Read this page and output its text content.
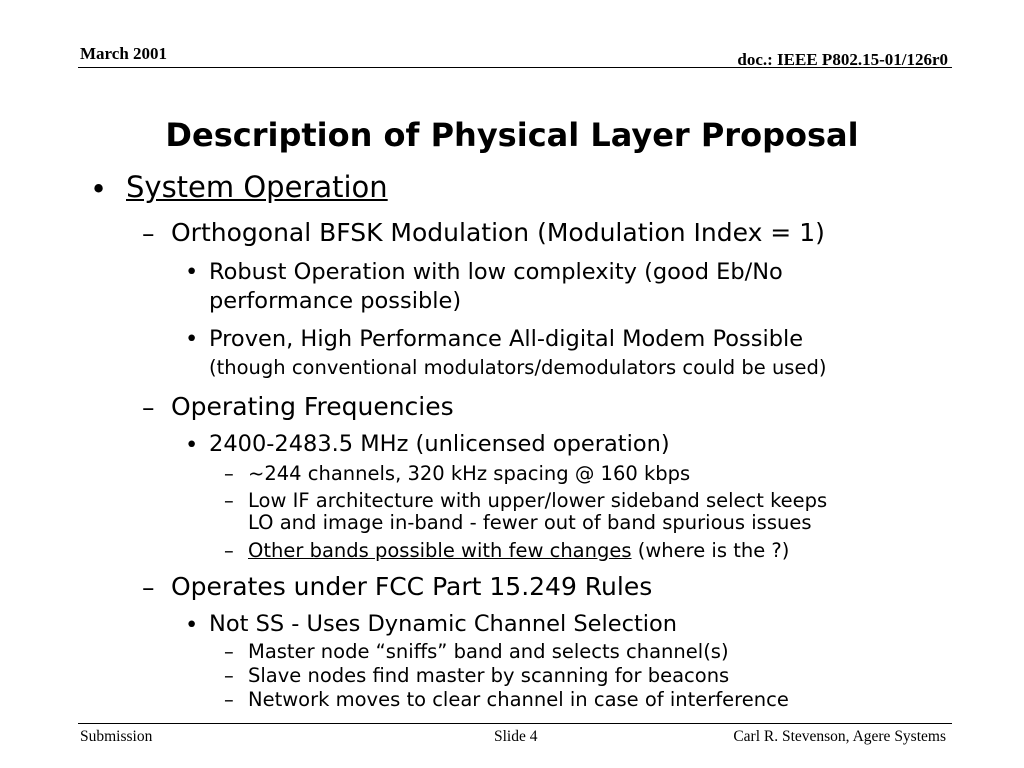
March 2001	doc.: IEEE P802.15-01/126r0
Description of Physical Layer Proposal
• System Operation
– Orthogonal BFSK Modulation (Modulation Index = 1)
• Robust Operation with low complexity (good Eb/No
performance possible)
• Proven, High Performance All-digital Modem Possible
(though conventional modulators/demodulators could be used)
– Operating Frequencies
• 2400-2483.5 MHz (unlicensed operation)
– ~244 channels, 320 kHz spacing @ 160 kbps
– Low IF architecture with upper/lower sideband select keeps
LO and image in-band - fewer out of band spurious issues
– Other bands possible with few changes (where is the ?)
– Operates under FCC Part 15.249 Rules
• Not SS - Uses Dynamic Channel Selection
– Master node “sniffs” band and selects channel(s)
– Slave nodes find master by scanning for beacons
– Network moves to clear channel in case of interference
Submission	Slide 4	Carl R. Stevenson, Agere Systems
